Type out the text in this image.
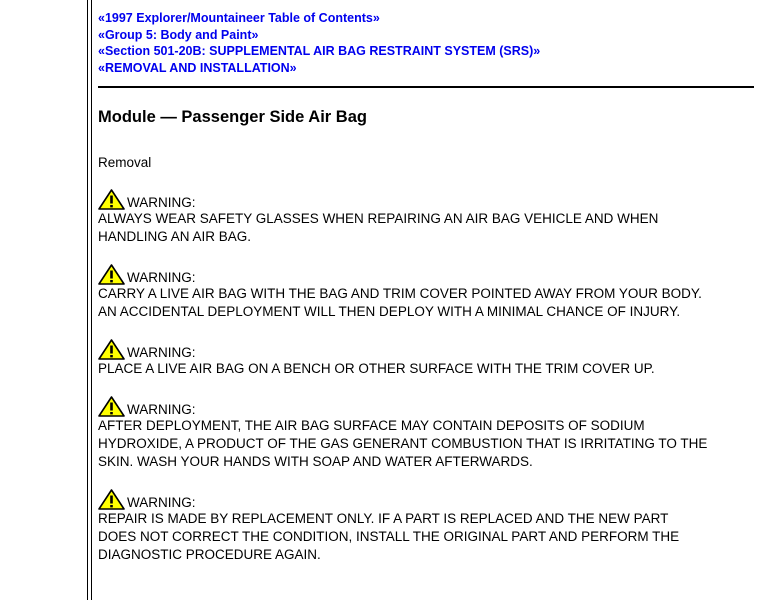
«1997 Explorer/Mountaineer Table of Contents»
«Group 5: Body and Paint»
«Section 501-20B: SUPPLEMENTAL AIR BAG RESTRAINT SYSTEM (SRS)»
«REMOVAL AND INSTALLATION»
Module — Passenger Side Air Bag
Removal
WARNING:
ALWAYS WEAR SAFETY GLASSES WHEN REPAIRING AN AIR BAG VEHICLE AND WHEN
HANDLING AN AIR BAG.
WARNING:
CARRY A LIVE AIR BAG WITH THE BAG AND TRIM COVER POINTED AWAY FROM YOUR BODY.
AN ACCIDENTAL DEPLOYMENT WILL THEN DEPLOY WITH A MINIMAL CHANCE OF INJURY.
WARNING:
PLACE A LIVE AIR BAG ON A BENCH OR OTHER SURFACE WITH THE TRIM COVER UP.
WARNING:
AFTER DEPLOYMENT, THE AIR BAG SURFACE MAY CONTAIN DEPOSITS OF SODIUM
HYDROXIDE, A PRODUCT OF THE GAS GENERANT COMBUSTION THAT IS IRRITATING TO THE
SKIN. WASH YOUR HANDS WITH SOAP AND WATER AFTERWARDS.
WARNING:
REPAIR IS MADE BY REPLACEMENT ONLY. IF A PART IS REPLACED AND THE NEW PART
DOES NOT CORRECT THE CONDITION, INSTALL THE ORIGINAL PART AND PERFORM THE
DIAGNOSTIC PROCEDURE AGAIN.
